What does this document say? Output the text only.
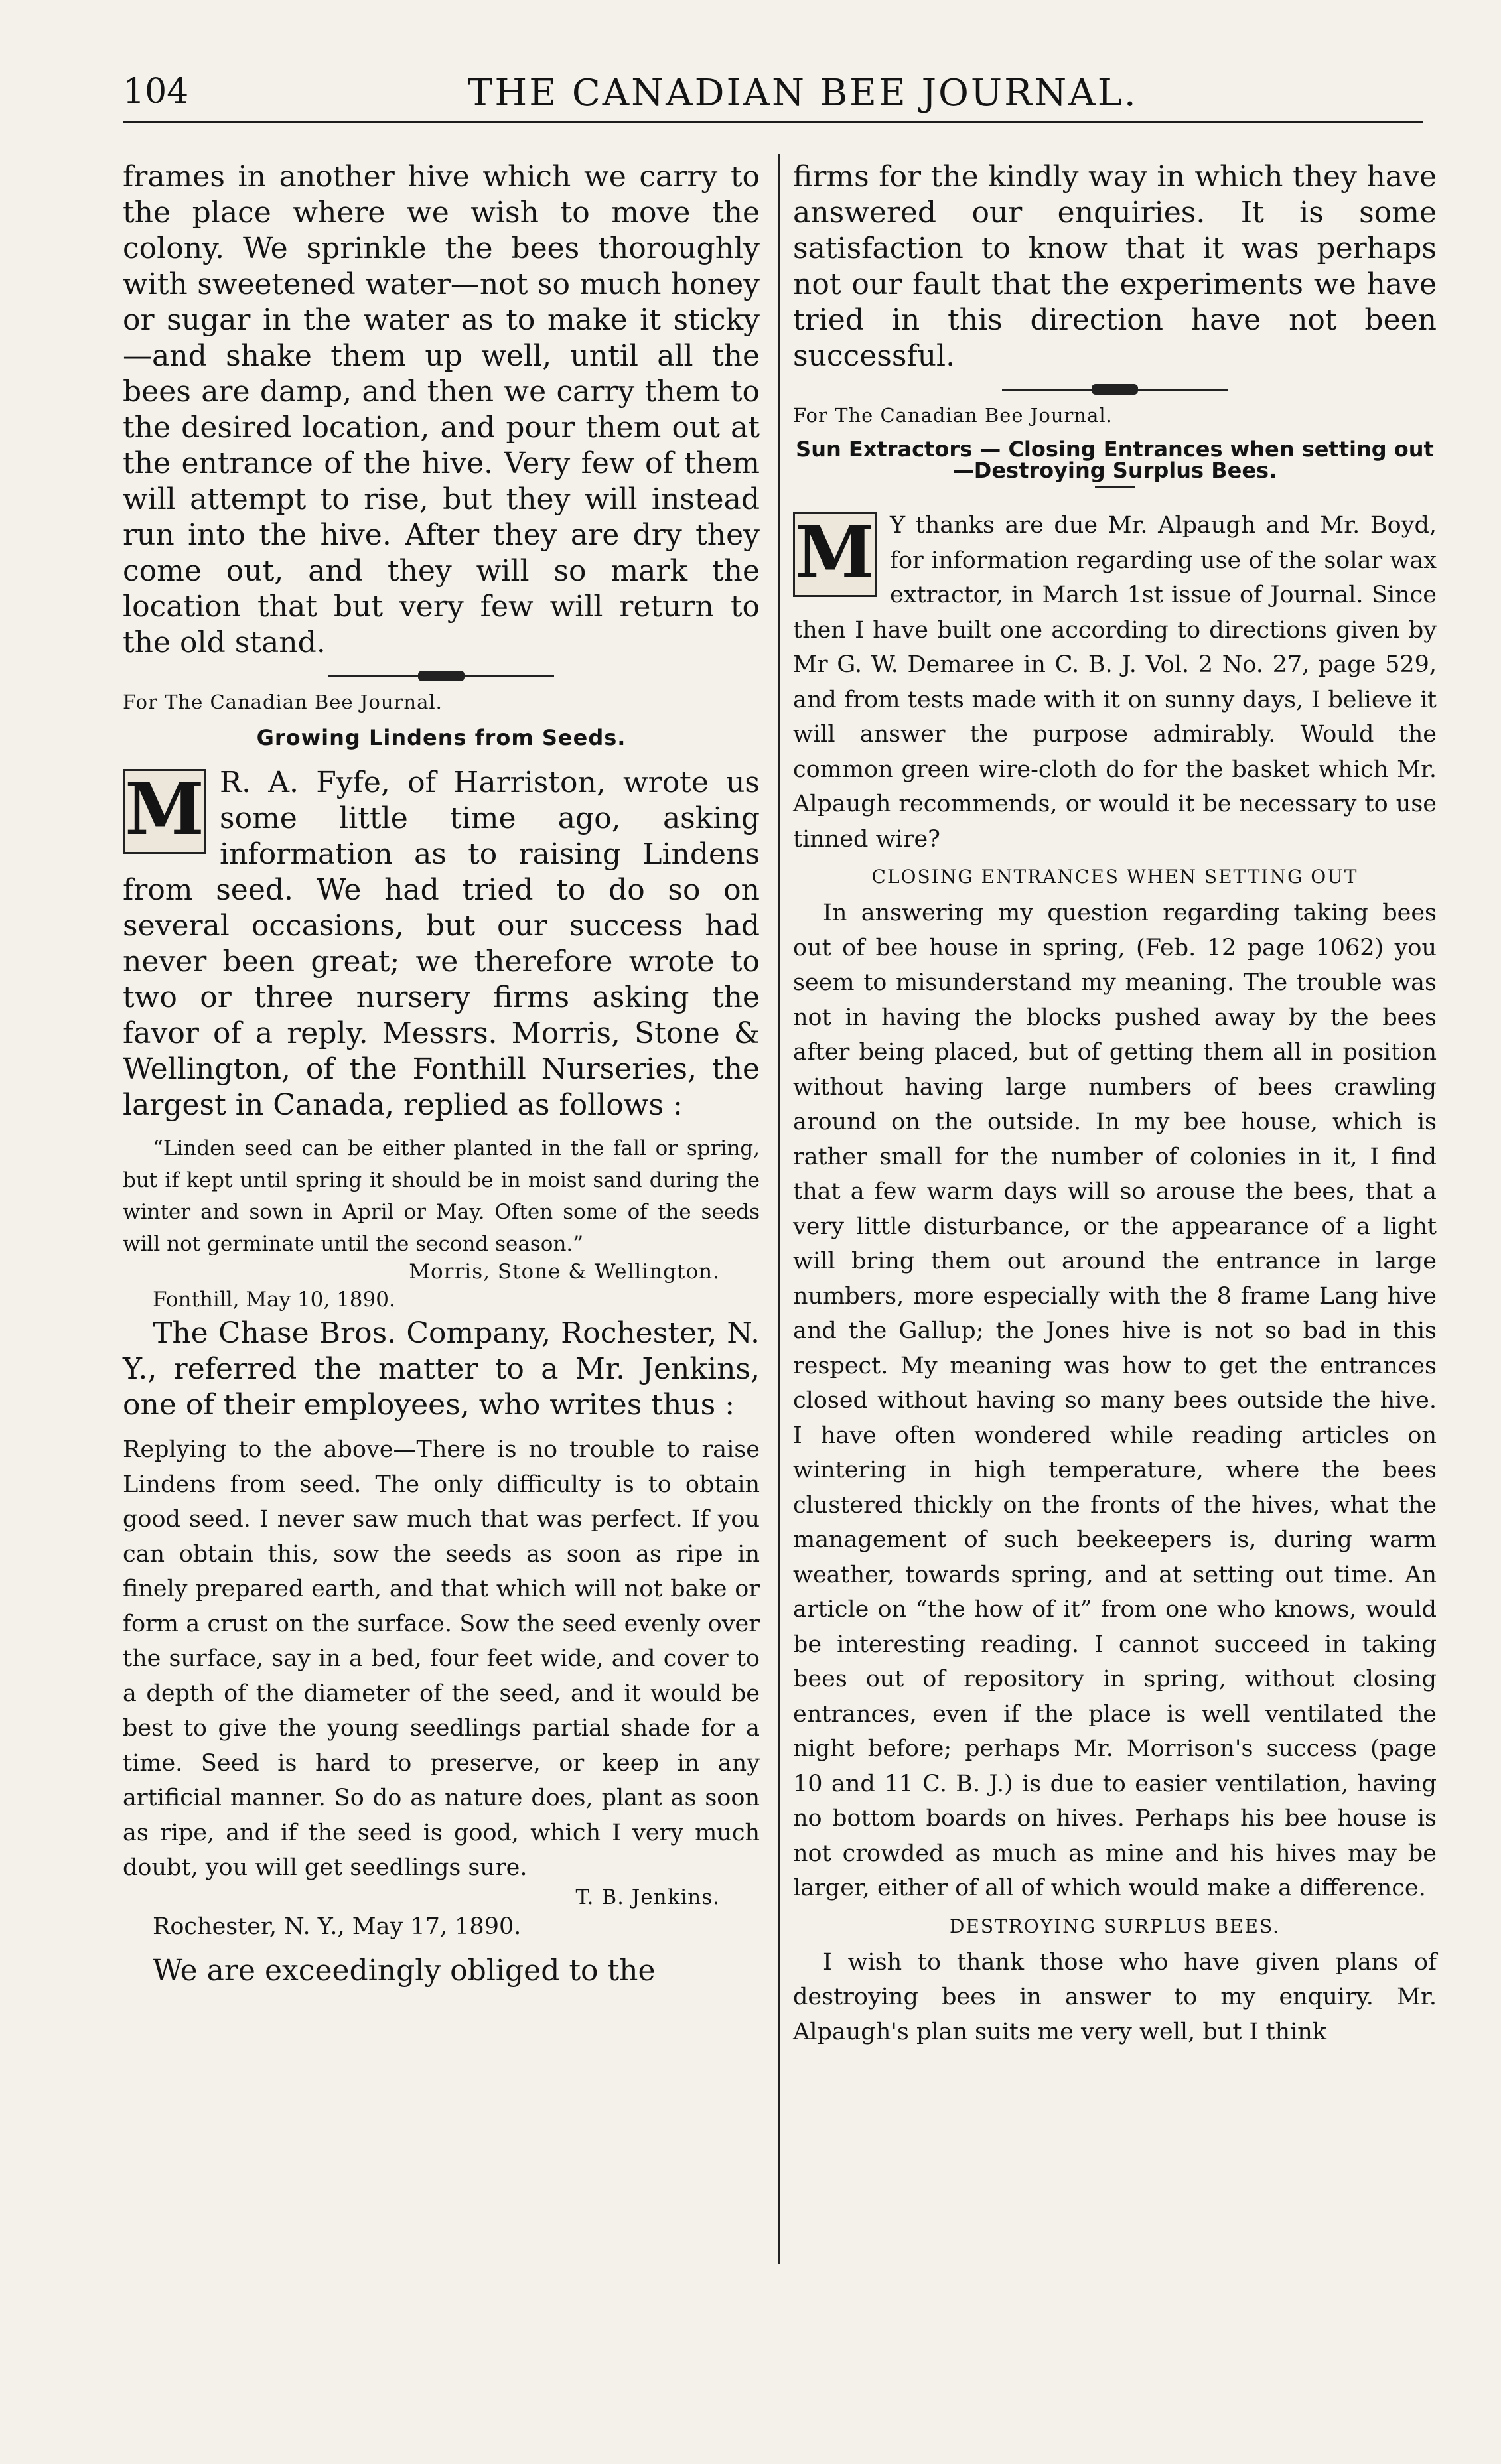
104	THE CANADIAN BEE JOURNAL.

frames in another hive which we carry to the place where we wish to move the colony. We sprinkle the bees thoroughly with sweetened water—not so much honey or sugar in the water as to make it sticky—and shake them up well, until all the bees are damp, and then we carry them to the desired location, and pour them out at the entrance of the hive. Very few of them will attempt to rise, but they will instead run into the hive. After they are dry they come out, and they will so mark the location that but very few will return to the old stand.

For The Canadian Bee Journal.
Growing Lindens from Seeds.
M R. A. Fyfe, of Harriston, wrote us some little time ago, asking information as to raising Lindens from seed. We had tried to do so on several occasions, but our success had never been great; we therefore wrote to two or three nursery firms asking the favor of a reply. Messrs. Morris, Stone & Wellington, of the Fonthill Nurseries, the largest in Canada, replied as follows :

“Linden seed can be either planted in the fall or spring, but if kept until spring it should be in moist sand during the winter and sown in April or May. Often some of the seeds will not germinate until the second season.”

Morris, Stone & Wellington.

Fonthill, May 10, 1890.

The Chase Bros. Company, Rochester, N. Y., referred the matter to a Mr. Jenkins, one of their employees, who writes thus :

Replying to the above—There is no trouble to raise Lindens from seed. The only difficulty is to obtain good seed. I never saw much that was perfect. If you can obtain this, sow the seeds as soon as ripe in finely prepared earth, and that which will not bake or form a crust on the surface. Sow the seed evenly over the surface, say in a bed, four feet wide, and cover to a depth of the diameter of the seed, and it would be best to give the young seedlings partial shade for a time. Seed is hard to preserve, or keep in any artificial manner. So do as nature does, plant as soon as ripe, and if the seed is good, which I very much doubt, you will get seedlings sure.

T. B. Jenkins.

Rochester, N. Y., May 17, 1890.

We are exceedingly obliged to the

firms for the kindly way in which they have answered our enquiries. It is some satisfaction to know that it was perhaps not our fault that the experiments we have tried in this direction have not been successful.

For The Canadian Bee Journal.
Sun Extractors — Closing Entrances when setting out—Destroying Surplus Bees.
M Y thanks are due Mr. Alpaugh and Mr. Boyd, for information regarding use of the solar wax extractor, in March 1st issue of Journal. Since then I have built one according to directions given by Mr G. W. Demaree in C. B. J. Vol. 2 No. 27, page 529, and from tests made with it on sunny days, I believe it will answer the purpose admirably. Would the common green wire-cloth do for the basket which Mr. Alpaugh recommends, or would it be necessary to use tinned wire?

CLOSING ENTRANCES WHEN SETTING OUT

In answering my question regarding taking bees out of bee house in spring, (Feb. 12 page 1062) you seem to misunderstand my meaning. The trouble was not in having the blocks pushed away by the bees after being placed, but of getting them all in position without having large numbers of bees crawling around on the outside. In my bee house, which is rather small for the number of colonies in it, I find that a few warm days will so arouse the bees, that a very little disturbance, or the appearance of a light will bring them out around the entrance in large numbers, more especially with the 8 frame Lang hive and the Gallup; the Jones hive is not so bad in this respect. My meaning was how to get the entrances closed without having so many bees outside the hive. I have often wondered while reading articles on wintering in high temperature, where the bees clustered thickly on the fronts of the hives, what the management of such beekeepers is, during warm weather, towards spring, and at setting out time. An article on “the how of it” from one who knows, would be interesting reading. I cannot succeed in taking bees out of repository in spring, without closing entrances, even if the place is well ventilated the night before; perhaps Mr. Morrison's success (page 10 and 11 C. B. J.) is due to easier ventilation, having no bottom boards on hives. Perhaps his bee house is not crowded as much as mine and his hives may be larger, either of all of which would make a difference.

DESTROYING SURPLUS BEES.

I wish to thank those who have given plans of destroying bees in answer to my enquiry. Mr. Alpaugh's plan suits me very well, but I think
